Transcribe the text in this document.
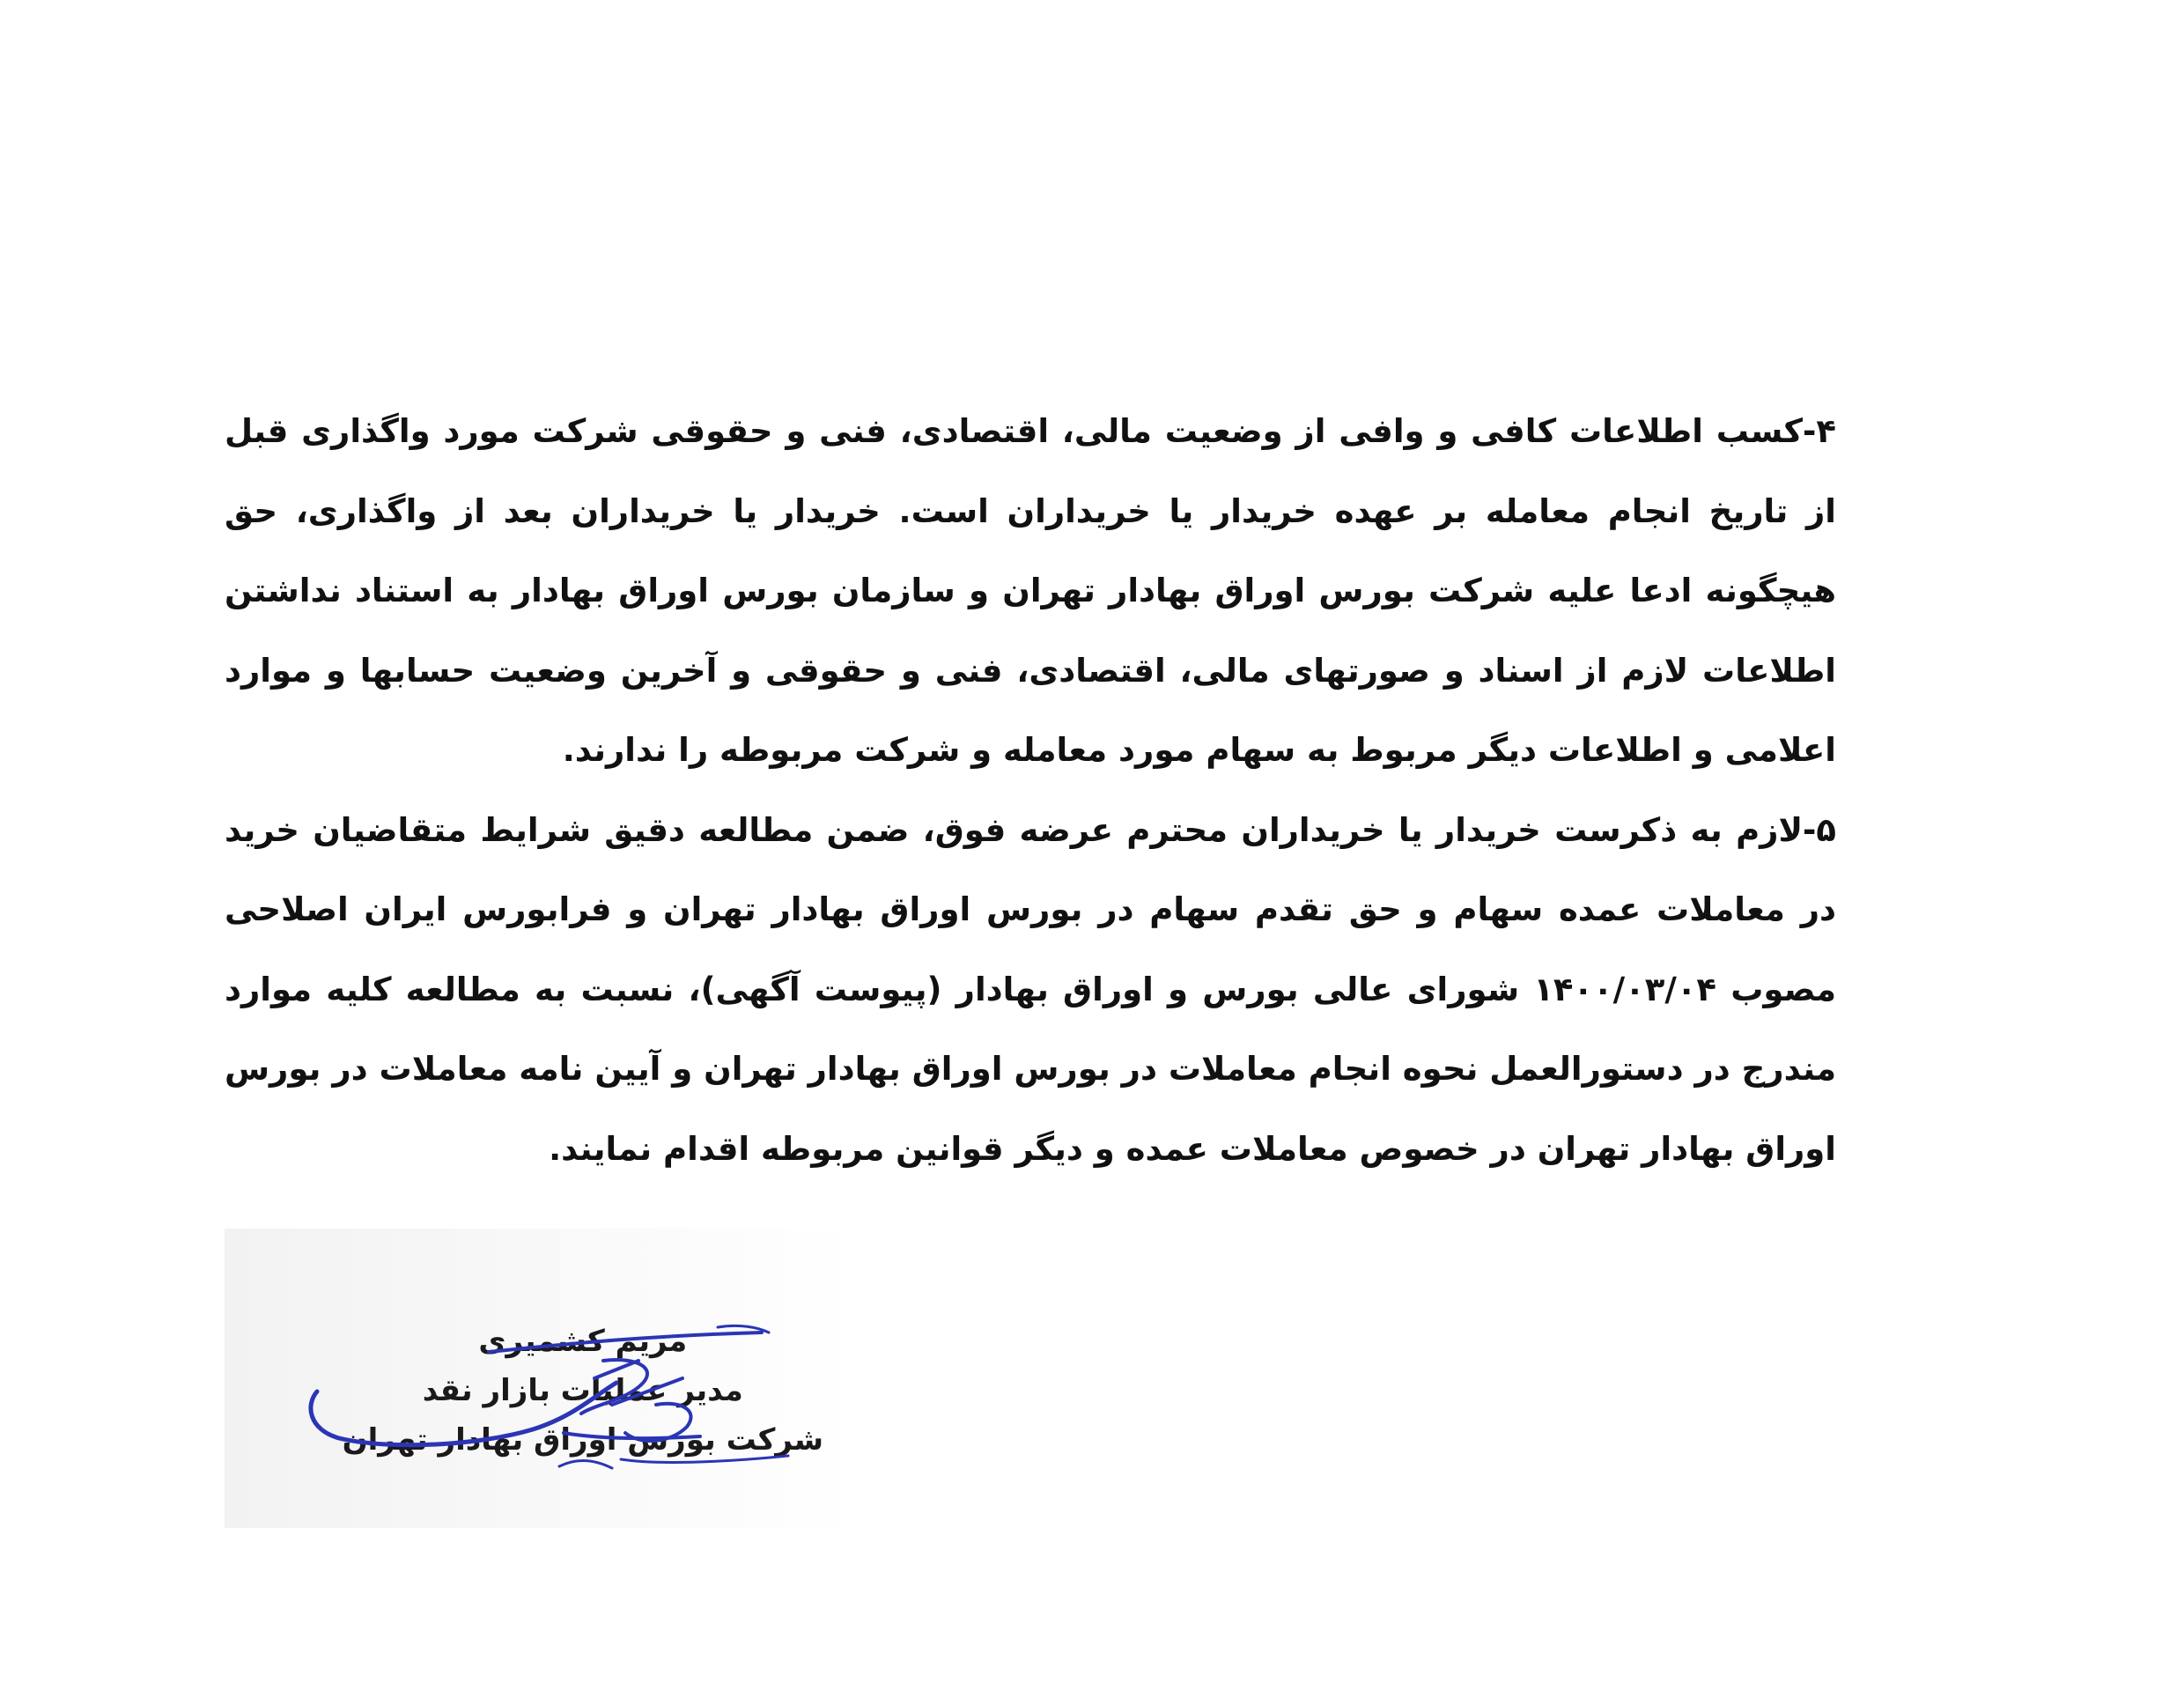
۴-کسب اطلاعات کافی و وافی از وضعیت مالی، اقتصادی، فنی و حقوقی شرکت مورد واگذاری قبل از تاریخ انجام معامله بر عهده خریدار یا خریداران است. خریدار یا خریداران بعد از واگذاری، حق هیچگونه ادعا علیه شرکت بورس اوراق بهادار تهران و سازمان بورس اوراق بهادار به استناد نداشتن اطلاعات لازم از اسناد و صورتهای مالی، اقتصادی، فنی و حقوقی و آخرین وضعیت حسابها و موارد اعلامی و اطلاعات دیگر مربوط به سهام مورد معامله و شرکت مربوطه را ندارند.

۵-لازم به ذکرست خریدار یا خریداران محترم عرضه فوق، ضمن مطالعه دقیق شرایط متقاضیان خرید در معاملات عمده سهام و حق تقدم سهام در بورس اوراق بهادار تهران و فرابورس ایران اصلاحی مصوب ۱۴۰۰/۰۳/۰۴ شورای عالی بورس و اوراق بهادار (پیوست آگهی)، نسبت به مطالعه کلیه موارد مندرج در دستورالعمل نحوه انجام معاملات در بورس اوراق بهادار تهران و آیین نامه معاملات در بورس اوراق بهادار تهران در خصوص معاملات عمده و دیگر قوانین مربوطه اقدام نمایند.

مریم کشمیری
مدیر عملیات بازار نقد
شرکت بورس اوراق بهادار تهران
